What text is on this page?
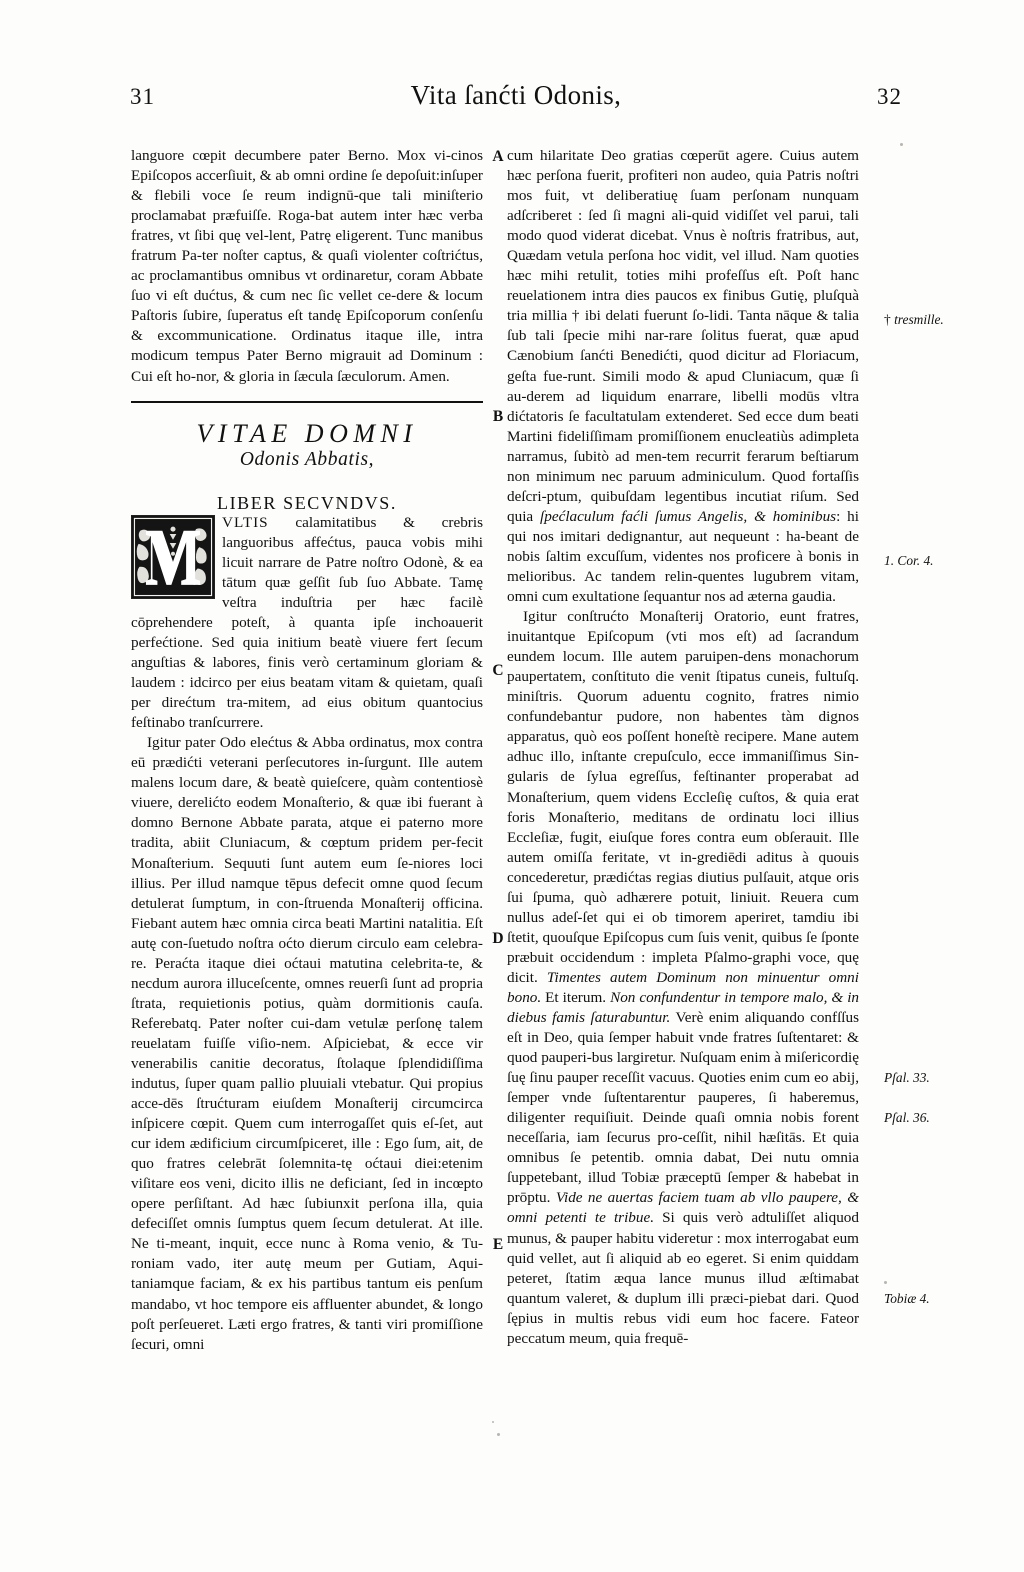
31	Vita ſanćti Odonis,	32

languore cœpit decumbere pater Berno. Mox vi-cinos Epiſcopos accerſiuit, & ab omni ordine ſe depoſuit:inſuper & flebili voce ſe reum indignū-que tali miniſterio proclamabat præfuiſſe. Roga-bat autem inter hæc verba fratres, vt ſibi quę vel-lent, Patrę eligerent. Tunc manibus fratrum Pa-ter noſter captus, & quaſi violenter coſtrićtus, ac proclamantibus omnibus vt ordinaretur, coram Abbate ſuo vi eſt dućtus, & cum nec ſic vellet ce-dere & locum Paſtoris ſubire, ſuperatus eſt tandę Epiſcoporum conſenſu & excommunicatione. Ordinatus itaque ille, intra modicum tempus Pater Berno migrauit ad Dominum : Cui eſt ho-nor, & gloria in ſæcula ſæculorum. Amen.

VITAE DOMNI
Odonis Abbatis,
LIBER SECVNDVS.

VLTIS calamitatibus & crebris languoribus affećtus, pauca vobis mihi licuit narrare de Patre noſtro Odonè, & ea tātum quæ geſſit ſub ſuo Abbate. Tamę veſtra induſtria per hæc facilè cōprehendere poteſt, à quanta ipſe inchoauerit perfećtione. Sed quia initium beatè viuere fert ſecum anguſtias & labores, finis verò certaminum gloriam & laudem : idcirco per eius beatam vitam & quietam, quaſi per direćtum tra-mitem, ad eius obitum quantocius feſtinabo tranſcurrere.

Igitur pater Odo elećtus & Abba ordinatus, mox contra eū prædićti veterani perſecutores in-ſurgunt. Ille autem malens locum dare, & beatè quieſcere, quàm contentiosè viuere, derelićto eodem Monaſterio, & quæ ibi fuerant à domno Bernone Abbate parata, atque ei paterno more tradita, abiit Cluniacum, & cœptum pridem per-fecit Monaſterium. Sequuti ſunt autem eum ſe-niores loci illius. Per illud namque tēpus defecit omne quod ſecum detulerat ſumptum, in con-ſtruenda Monaſterij officina. Fiebant autem hæc omnia circa beati Martini natalitia. Eſt autę con-ſuetudo noſtra oćto dierum circulo eam celebra-re. Peraćta itaque diei oćtaui matutina celebrita-te, & necdum aurora illuceſcente, omnes reuerſi ſunt ad propria ſtrata, requietionis potius, quàm dormitionis cauſa. Referebatq. Pater noſter cui-dam vetulæ perſonę talem reuelatam fuiſſe viſio-nem. Aſpiciebat, & ecce vir venerabilis canitie decoratus, ſtolaque ſplendidiſſima indutus, ſuper quam pallio pluuiali vtebatur. Qui propius acce-dēs ſtrućturam eiuſdem Monaſterij circumcirca inſpicere cœpit. Quem cum interrogaſſet quis eſ-ſet, aut cur idem ædificium circumſpiceret, ille : Ego ſum, ait, de quo fratres celebrāt ſolemnita-tę oćtaui diei:etenim viſitare eos veni, dicito illis ne deficiant, ſed in incœpto opere perſiſtant. Ad hæc ſubiunxit perſona illa, quia defeciſſet omnis ſumptus quem ſecum detulerat. At ille. Ne ti-meant, inquit, ecce nunc à Roma venio, & Tu-roniam vado, iter autę meum per Gutiam, Aqui-taniamque faciam, & ex his partibus tantum eis penſum mandabo, vt hoc tempore eis affluenter abundet, & longo poſt perſeueret. Læti ergo fratres, & tanti viri promiſſione ſecuri, omni

cum hilaritate Deo gratias cœperūt agere. Cuius autem hæc perſona fuerit, profiteri non audeo, quia Patris noſtri mos fuit, vt deliberatiuę ſuam perſonam nunquam adſcriberet : ſed ſi magni ali-quid vidiſſet vel parui, tali modo quod viderat dicebat. Vnus è noſtris fratribus, aut, Quædam vetula perſona hoc vidit, vel illud. Nam quoties hæc mihi retulit, toties mihi profeſſus eſt. Poſt hanc reuelationem intra dies paucos ex finibus Gutię, pluſquà tria millia † ibi delati fuerunt ſo-lidi. Tanta nāque & talia ſub tali ſpecie mihi nar-rare ſolitus fuerat, quæ apud Cænobium ſanćti Benedićti, quod dicitur ad Floriacum, geſta fue-runt. Simili modo & apud Cluniacum, quæ ſi au-derem ad liquidum enarrare, libelli modūs vltra dićtatoris ſe facultatulam extenderet. Sed ecce dum beati Martini fideliſſimam promiſſionem enucleatiùs adimpleta narramus, ſubitò ad men-tem recurrit ferarum beſtiarum non minimum nec paruum adminiculum. Quod fortaſſis deſcri-ptum, quibuſdam legentibus incutiat riſum. Sed quia ſpećlaculum faćli ſumus Angelis, & hominibus: hi qui nos imitari dedignantur, aut nequeunt : ha-beant de nobis ſaltim excuſſum, videntes nos proficere à bonis in melioribus. Ac tandem relin-quentes lugubrem vitam, omni cum exultatione ſequantur nos ad æterna gaudia.

Igitur conſtrućto Monaſterij Oratorio, eunt fratres, inuitantque Epiſcopum (vti mos eſt) ad ſacrandum eundem locum. Ille autem paruipen-dens monachorum paupertatem, conſtituto die venit ſtipatus cuneis, fultuſq. miniſtris. Quorum aduentu cognito, fratres nimio confundebantur pudore, non habentes tàm dignos apparatus, quò eos poſſent honeſtè recipere. Mane autem adhuc illo, inſtante crepuſculo, ecce immaniſſimus Sin-gularis de ſylua egreſſus, feſtinanter properabat ad Monaſterium, quem videns Eccleſię cuſtos, & quia erat foris Monaſterio, meditans de ordinatu loci illius Eccleſiæ, fugit, eiuſque fores contra eum obſerauit. Ille autem omiſſa feritate, vt in-grediēdi aditus à quouis concederetur, prædićtas regias diutius pulſauit, atque oris ſui ſpuma, quò adhærere potuit, liniuit. Reuera cum nullus adeſ-ſet qui ei ob timorem aperiret, tamdiu ibi ſtetit, quouſque Epiſcopus cum ſuis venit, quibus ſe ſponte præbuit occidendum : impleta Pſalmo-graphi voce, quę dicit. Timentes autem Dominum non minuentur omni bono. Et iterum. Non confundentur in tempore malo, & in diebus famis ſaturabuntur. Verè enim aliquando confſſus eſt in Deo, quia ſemper habuit vnde fratres ſuſtentaret: & quod pauperi-bus largiretur. Nuſquam enim à miſericordię ſuę ſinu pauper receſſit vacuus. Quoties enim cum eo abij, ſemper vnde ſuſtentarentur pauperes, ſi haberemus, diligenter requiſiuit. Deinde quaſi omnia nobis forent neceſſaria, iam ſecurus pro-ceſſit, nihil hæſitās. Et quia omnibus ſe petentib. omnia dabat, Dei nutu omnia ſuppetebant, illud Tobiæ præceptū ſemper & habebat in prōptu. Vide ne auertas faciem tuam ab vllo paupere, & omni petenti te tribue. Si quis verò adtuliſſet aliquod munus, & pauper habitu videretur : mox interrogabat eum quid vellet, aut ſi aliquid ab eo egeret. Si enim quiddam peteret, ſtatim æqua lance munus illud æſtimabat quantum valeret, & duplum illi præci-piebat dari. Quod ſępius in multis rebus vidi eum hoc facere. Fateor peccatum meum, quia frequē-

A
B
C
D
E
† tresmille.
1. Cor. 4.
Pſal. 33.
Pſal. 36.
Tobiæ 4.
